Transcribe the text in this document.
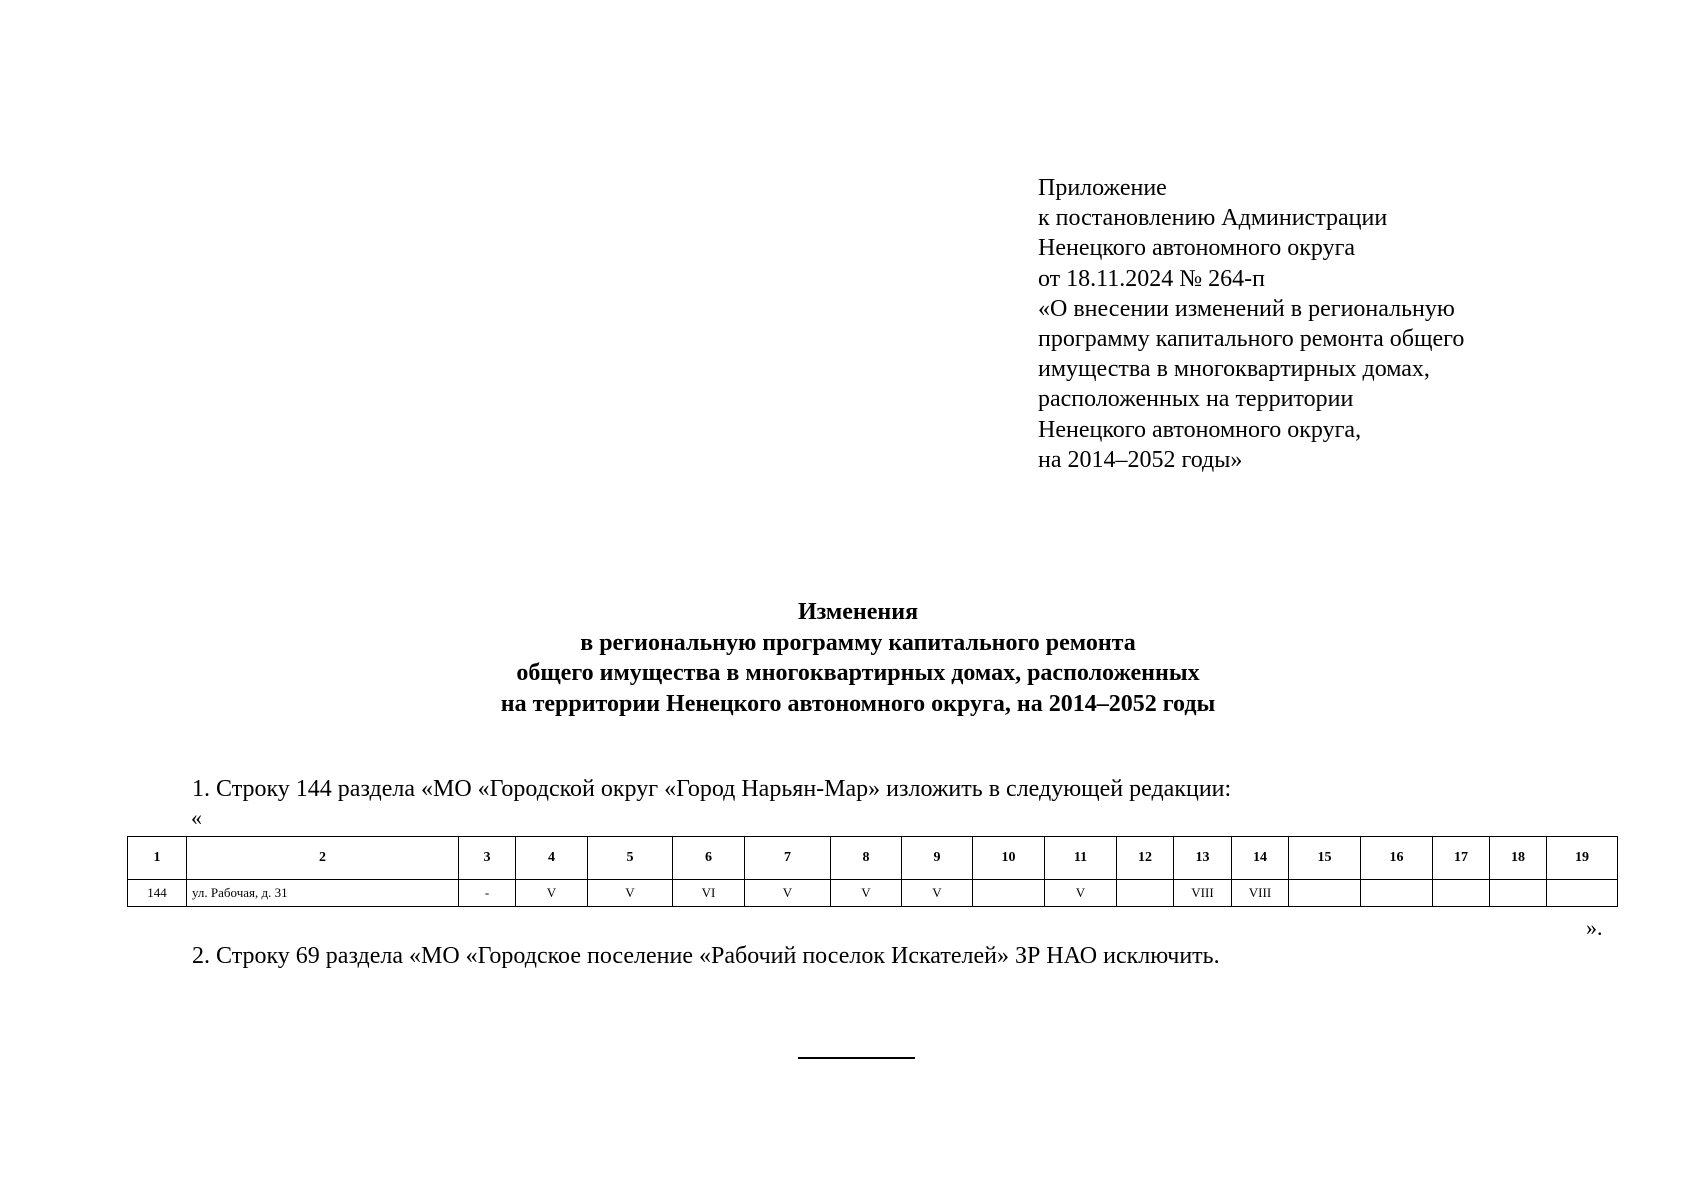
Приложение
к постановлению Администрации
Ненецкого автономного округа
от 18.11.2024 № 264-п
«О внесении изменений в региональную
программу капитального ремонта общего
имущества в многоквартирных домах,
расположенных на территории
Ненецкого автономного округа,
на 2014–2052 годы»
Изменения
в региональную программу капитального ремонта
общего имущества в многоквартирных домах, расположенных
на территории Ненецкого автономного округа, на 2014–2052 годы
1. Строку 144 раздела «МО «Городской округ «Город Нарьян-Мар» изложить в следующей редакции:
«
1	2	3	4	5	6	7	8	9	10	11	12	13	14	15	16	17	18	19
144	ул. Рабочая, д. 31	-	V	V	VI	V	V	V		V		VIII	VIII					
».
2. Строку 69 раздела «МО «Городское поселение «Рабочий поселок Искателей» ЗР НАО исключить.
